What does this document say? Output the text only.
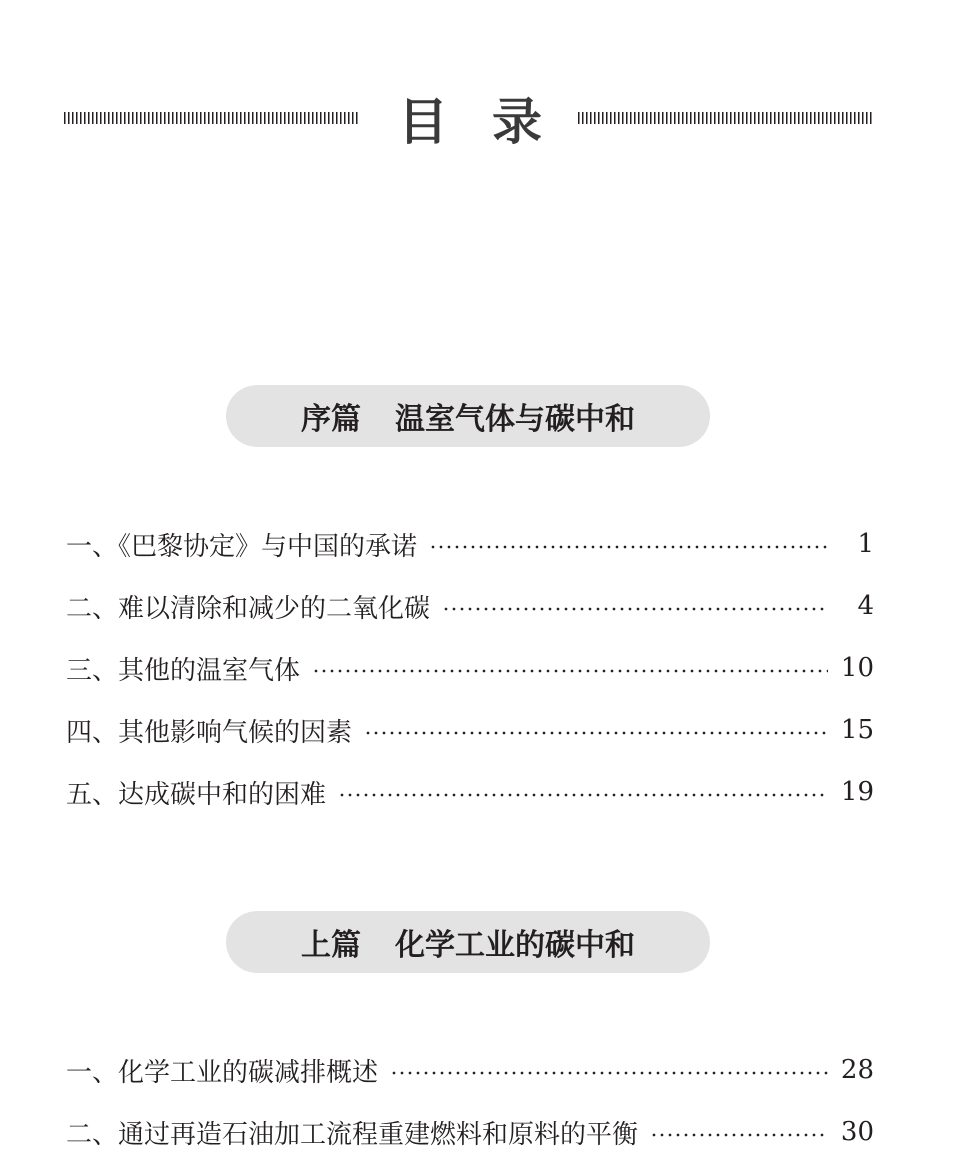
目 录
序篇 温室气体与碳中和
一、《巴黎协定》与中国的承诺	1
二、难以清除和减少的二氧化碳	4
三、其他的温室气体	10
四、其他影响气候的因素	15
五、达成碳中和的困难	19
上篇 化学工业的碳中和
一、化学工业的碳减排概述	28
二、通过再造石油加工流程重建燃料和原料的平衡	30
